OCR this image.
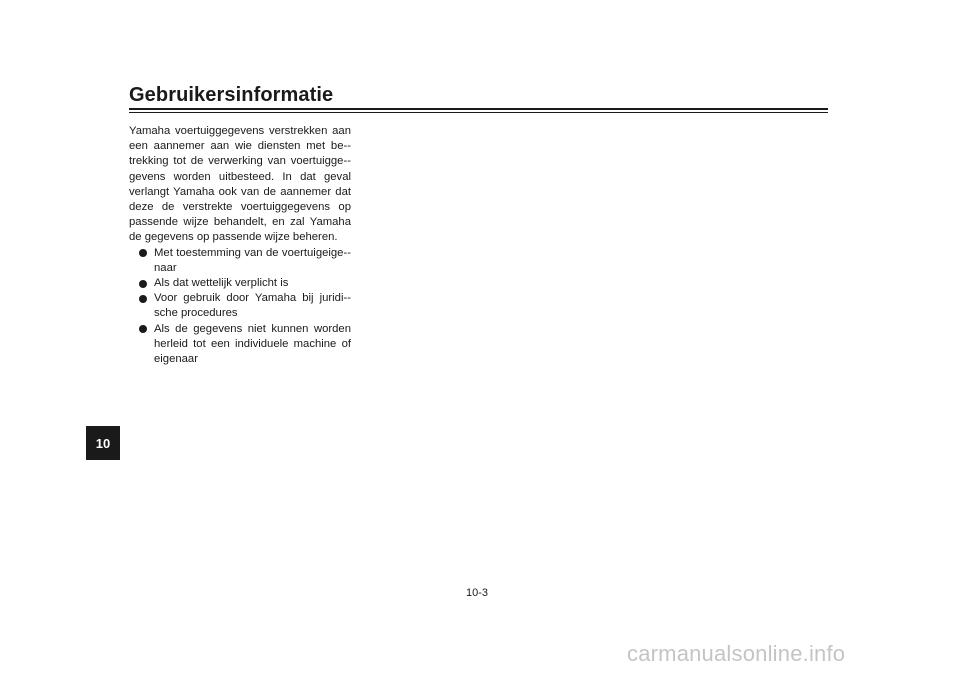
Gebruikersinformatie

Yamaha voertuiggegevens verstrekken aan een aannemer aan wie diensten met be-trekking tot de verwerking van voertuigge-gevens worden uitbesteed. In dat geval verlangt Yamaha ook van de aannemer dat deze de verstrekte voertuiggegevens op passende wijze behandelt, en zal Yamaha de gegevens op passende wijze beheren.

Met toestemming van de voertuigeige-naar
Als dat wettelijk verplicht is
Voor gebruik door Yamaha bij juridi-sche procedures
Als de gegevens niet kunnen worden herleid tot een individuele machine of eigenaar
10
10-3
carmanualsonline.info
